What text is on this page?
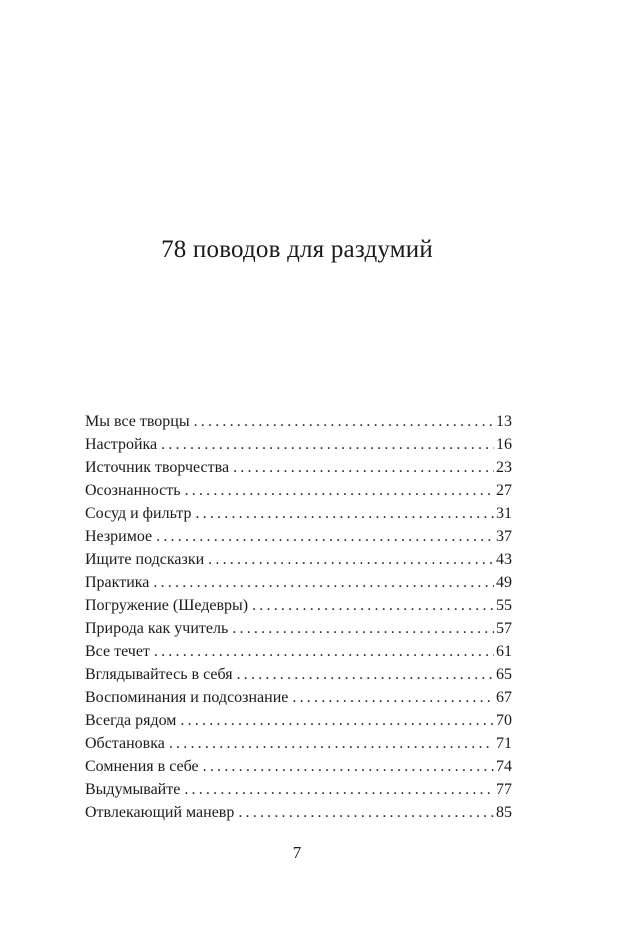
78 поводов для раздумий
Мы все творцы .....	13
Настройка .....	16
Источник творчества .....	23
Осознанность .....	27
Сосуд и фильтр .....	31
Незримое .....	37
Ищите подсказки .....	43
Практика .....	49
Погружение (Шедевры) .....	55
Природа как учитель .....	57
Все течет .....	61
Вглядывайтесь в себя .....	65
Воспоминания и подсознание .....	67
Всегда рядом .....	70
Обстановка .....	71
Сомнения в себе .....	74
Выдумывайте .....	77
Отвлекающий маневр .....	85
7
